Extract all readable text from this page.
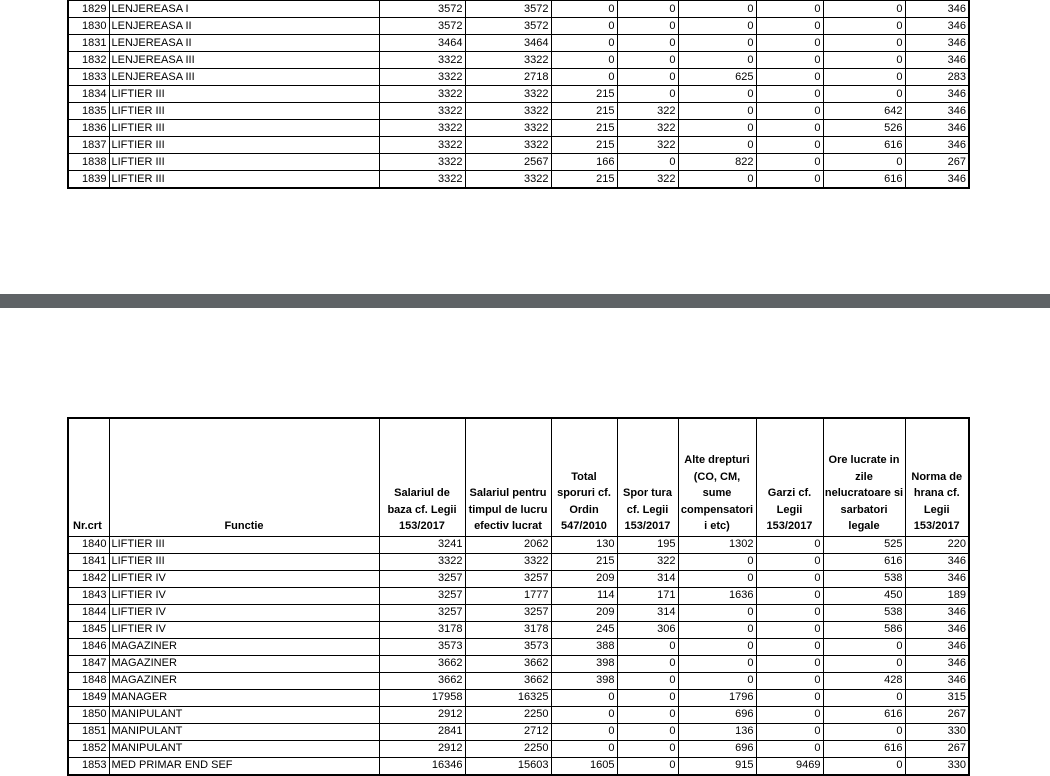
1829	LENJEREASA I	3572	3572	0	0	0	0	0	346
1830	LENJEREASA II	3572	3572	0	0	0	0	0	346
1831	LENJEREASA II	3464	3464	0	0	0	0	0	346
1832	LENJEREASA III	3322	3322	0	0	0	0	0	346
1833	LENJEREASA III	3322	2718	0	0	625	0	0	283
1834	LIFTIER III	3322	3322	215	0	0	0	0	346
1835	LIFTIER III	3322	3322	215	322	0	0	642	346
1836	LIFTIER III	3322	3322	215	322	0	0	526	346
1837	LIFTIER III	3322	3322	215	322	0	0	616	346
1838	LIFTIER III	3322	2567	166	0	822	0	0	267
1839	LIFTIER III	3322	3322	215	322	0	0	616	346
Nr.crt	Functie	Salariul de baza cf. Legii 153/2017	Salariul pentru timpul de lucru efectiv lucrat	Total sporuri cf. Ordin 547/2010	Spor tura cf. Legii 153/2017	Alte drepturi (CO, CM, sume compensatori i etc)	Garzi cf. Legii 153/2017	Ore lucrate in zile nelucratoare si sarbatori legale	Norma de hrana cf. Legii 153/2017
1840	LIFTIER III	3241	2062	130	195	1302	0	525	220
1841	LIFTIER III	3322	3322	215	322	0	0	616	346
1842	LIFTIER IV	3257	3257	209	314	0	0	538	346
1843	LIFTIER IV	3257	1777	114	171	1636	0	450	189
1844	LIFTIER IV	3257	3257	209	314	0	0	538	346
1845	LIFTIER IV	3178	3178	245	306	0	0	586	346
1846	MAGAZINER	3573	3573	388	0	0	0	0	346
1847	MAGAZINER	3662	3662	398	0	0	0	0	346
1848	MAGAZINER	3662	3662	398	0	0	0	428	346
1849	MANAGER	17958	16325	0	0	1796	0	0	315
1850	MANIPULANT	2912	2250	0	0	696	0	616	267
1851	MANIPULANT	2841	2712	0	0	136	0	0	330
1852	MANIPULANT	2912	2250	0	0	696	0	616	267
1853	MED PRIMAR END SEF	16346	15603	1605	0	915	9469	0	330
